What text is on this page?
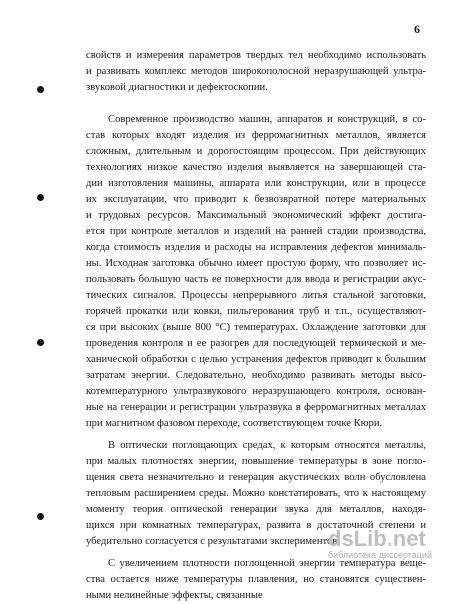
6
свойств и измерения параметров твердых тел необходимо использовать
и развивать комплекс методов широкополосной неразрушающей ультра-
звуковой диагностики и дефектоскопии.
Современное производство машин, аппаратов и конструкций, в со-
став которых входят изделия из ферромагнитных металлов, является
сложным, длительным и дорогостоящим процессом. При действующих
технологиях низкое качество изделия выявляется на завершающей ста-
дии изготовления машины, аппарата или конструкции, или в процессе
их эксплуатации, что приводит к безвозвратной потере материальных
и трудовых ресурсов. Максимальный экономический эффект достига-
ется при контроле металлов и изделий на ранней стадии производства,
когда стоимость изделия и расходы на исправления дефектов минималь-
ны. Исходная заготовка обычно имеет простую форму, что позволяет ис-
пользовать большую часть ее поверхности для ввода и регистрации акус-
тических сигналов. Процессы непрерывного литья стальной заготовки,
горячей прокатки или ковки, пильгерования труб и т.п., осуществляют-
ся при высоких (выше 800 °С) температурах. Охлаждение заготовки для
проведения контроля и ее разогрев для последующей термической и ме-
ханической обработки с целью устранения дефектов приводит к большим
затратам энергии. Следовательно, необходимо развивать методы высо-
котемпературного ультразвукового неразрушающего контроля, основан-
ные на генерации и регистрации ультразвука в ферромагнитных металлах
при магнитном фазовом переходе, соответствующем точке Кюри.
В оптически поглощающих средах, к которым относятся металлы,
при малых плотностях энергии, повышение температуры в зоне погло-
щения света незначительно и генерация акустических волн обусловлена
тепловым расширением среды. Можно констатировать, что к настоящему
моменту теория оптической генерации звука для металлов, находя-
щихся при комнатных температурах, развита в достаточной степени и
убедительно согласуется с результатами экспериментов.
С увеличением плотности поглощенной энергии температура веще-
ства остается ниже температуры плавления, но становятся существен-
ными нелинейные эффекты, связанные
dsLib.net
библиотека диссертаций
